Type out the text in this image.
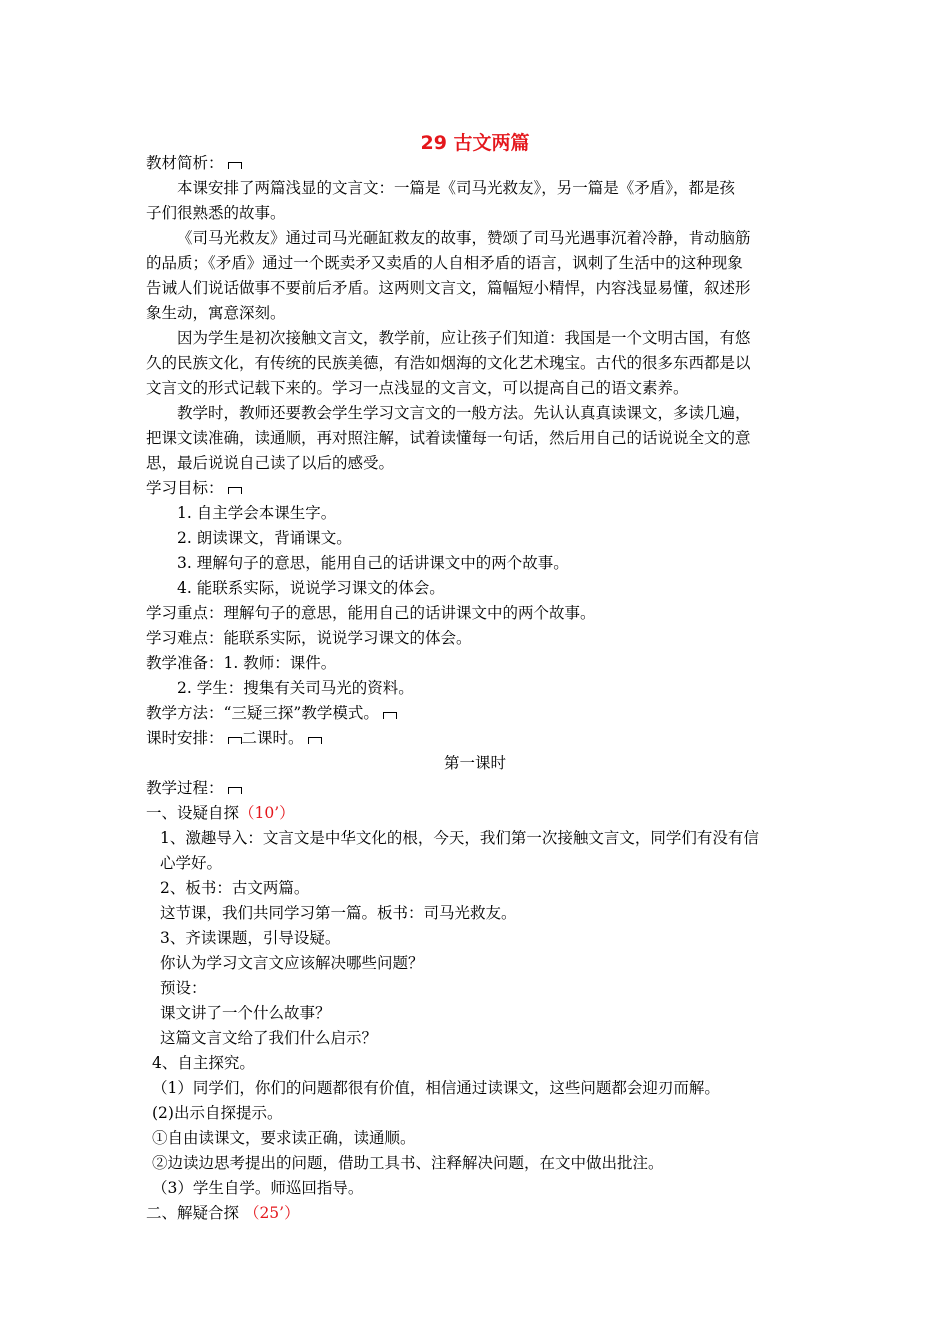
29 古文两篇
教材简析：
本课安排了两篇浅显的文言文：一篇是《司马光救友》，另一篇是《矛盾》，都是孩
子们很熟悉的故事。
《司马光救友》通过司马光砸缸救友的故事，赞颂了司马光遇事沉着冷静，肯动脑筋
的品质；《矛盾》通过一个既卖矛又卖盾的人自相矛盾的语言，讽刺了生活中的这种现象
告诫人们说话做事不要前后矛盾。这两则文言文，篇幅短小精悍，内容浅显易懂，叙述形
象生动，寓意深刻。
因为学生是初次接触文言文，教学前，应让孩子们知道：我国是一个文明古国，有悠
久的民族文化，有传统的民族美德，有浩如烟海的文化艺术瑰宝。古代的很多东西都是以
文言文的形式记载下来的。学习一点浅显的文言文，可以提高自己的语文素养。
教学时，教师还要教会学生学习文言文的一般方法。先认认真真读课文，多读几遍，
把课文读准确，读通顺，再对照注解，试着读懂每一句话，然后用自己的话说说全文的意
思，最后说说自己读了以后的感受。
学习目标：
1. 自主学会本课生字。
2. 朗读课文，背诵课文。
3. 理解句子的意思，能用自己的话讲课文中的两个故事。
4. 能联系实际，说说学习课文的体会。
学习重点：理解句子的意思，能用自己的话讲课文中的两个故事。
学习难点：能联系实际，说说学习课文的体会。
教学准备：1. 教师：课件。
2. 学生：搜集有关司马光的资料。
教学方法：“三疑三探”教学模式。
课时安排： 二课时。
第一课时
教学过程：
一、设疑自探（10’）
1、激趣导入：文言文是中华文化的根，今天，我们第一次接触文言文，同学们有没有信
心学好。
2、板书：古文两篇。
这节课，我们共同学习第一篇。板书：司马光救友。
3、齐读课题，引导设疑。
你认为学习文言文应该解决哪些问题？
预设：
课文讲了一个什么故事？
这篇文言文给了我们什么启示？
4、自主探究。
（1）同学们，你们的问题都很有价值，相信通过读课文，这些问题都会迎刃而解。
(2)出示自探提示。
①自由读课文，要求读正确，读通顺。
②边读边思考提出的问题，借助工具书、注释解决问题，在文中做出批注。
（3）学生自学。师巡回指导。
二、解疑合探 （25’）
